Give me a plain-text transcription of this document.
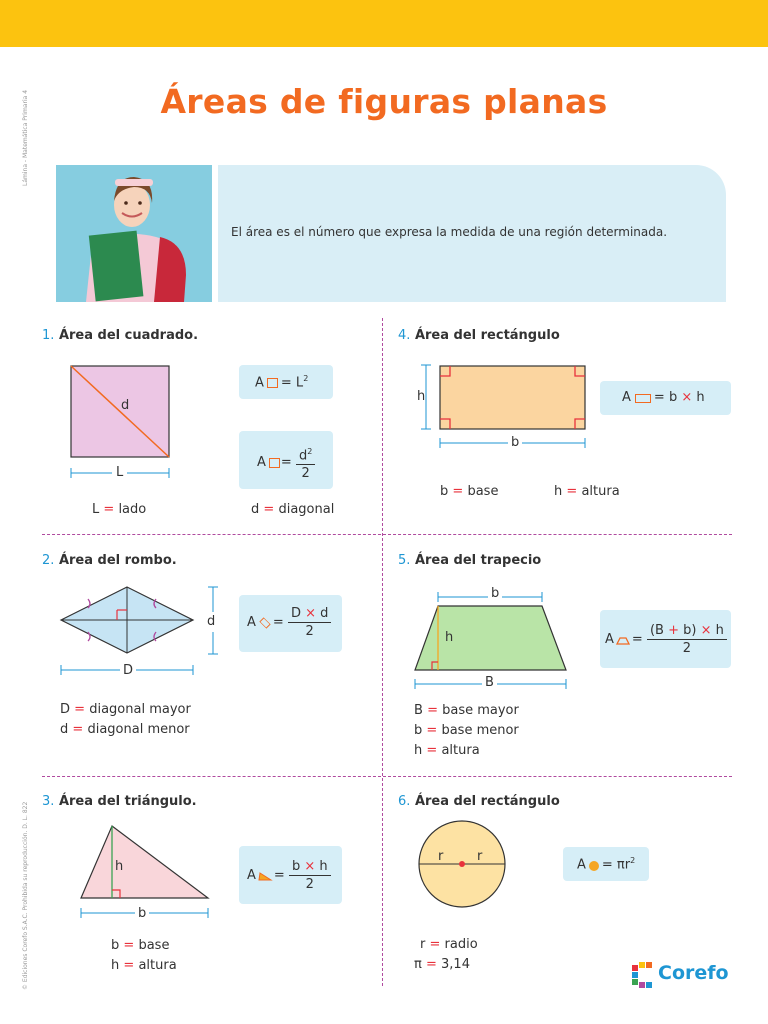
Áreas de figuras planas
Lámina - Matemática Primaria 4
© Ediciones Corefo S.A.C. Prohibida su reproducción. D. L. 822
El área es el número que expresa la medida de una región determinada.
1. Área del cuadrado.
d
L
$A = L^2$
$A = \frac{d^2}{2}$
L = lado	d = diagonal
4. Área del rectángulo
h
b
A = b × h
b = base	h = altura
2. Área del rombo.
d
D
$A = \frac{D \times d}{2}$
D = diagonal mayor
d = diagonal menor
5. Área del trapecio
b
h
B
$A = \frac{(B + b) \times h}{2}$
B = base mayor
b = base menor
h = altura
3. Área del triángulo.
h
b
$A = \frac{b \times h}{2}$
b = base
h = altura
6. Área del rectángulo
r	r
$A = \pi r^2$
r = radio
π = 3,14	Corefo
